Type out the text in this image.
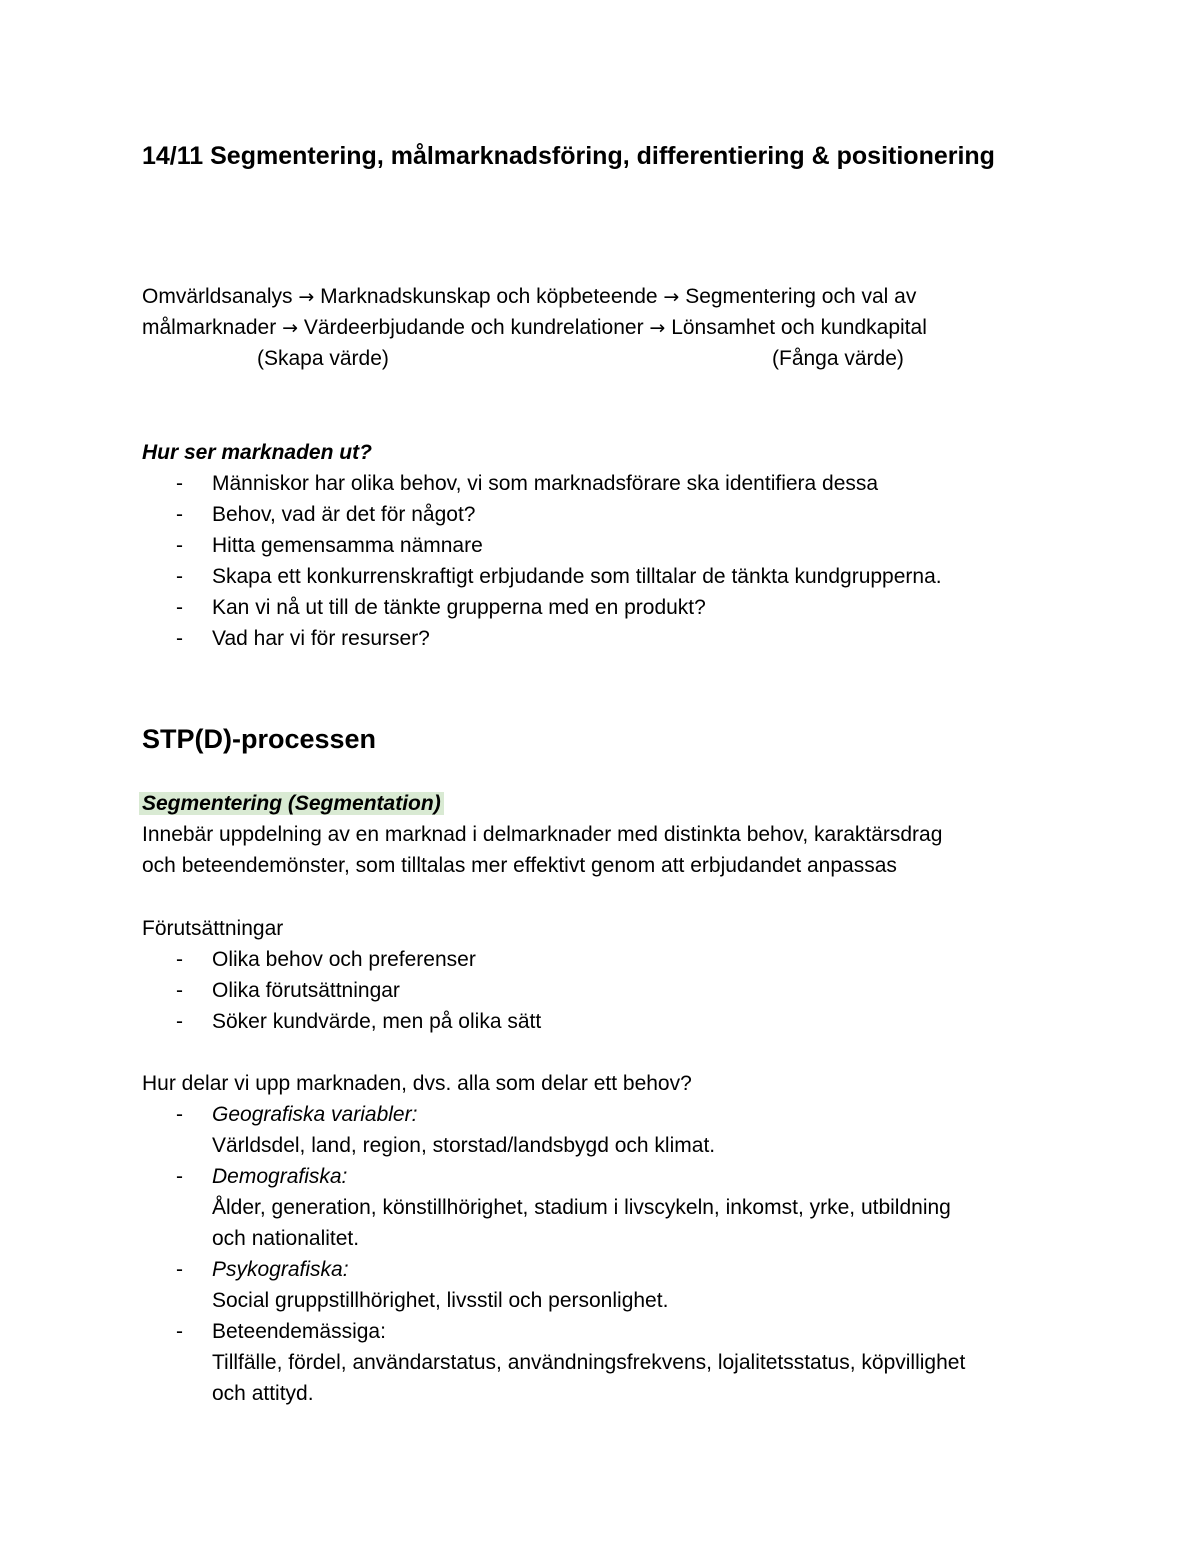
14/11 Segmentering, målmarknadsföring, differentiering & positionering
Omvärldsanalys → Marknadskunskap och köpbeteende → Segmentering och val av
målmarknader → Värdeerbjudande och kundrelationer → Lönsamhet och kundkapital
(Skapa värde)	(Fånga värde)
Hur ser marknaden ut?
- Människor har olika behov, vi som marknadsförare ska identifiera dessa
- Behov, vad är det för något?
- Hitta gemensamma nämnare
- Skapa ett konkurrenskraftigt erbjudande som tilltalar de tänkta kundgrupperna.
- Kan vi nå ut till de tänkte grupperna med en produkt?
- Vad har vi för resurser?
STP(D)-processen
Segmentering (Segmentation)
Innebär uppdelning av en marknad i delmarknader med distinkta behov, karaktärsdrag
och beteendemönster, som tilltalas mer effektivt genom att erbjudandet anpassas
Förutsättningar
- Olika behov och preferenser
- Olika förutsättningar
- Söker kundvärde, men på olika sätt
Hur delar vi upp marknaden, dvs. alla som delar ett behov?
- Geografiska variabler:
Världsdel, land, region, storstad/landsbygd och klimat.
- Demografiska:
Ålder, generation, könstillhörighet, stadium i livscykeln, inkomst, yrke, utbildning
och nationalitet.
- Psykografiska:
Social gruppstillhörighet, livsstil och personlighet.
- Beteendemässiga:
Tillfälle, fördel, användarstatus, användningsfrekvens, lojalitetsstatus, köpvillighet
och attityd.
